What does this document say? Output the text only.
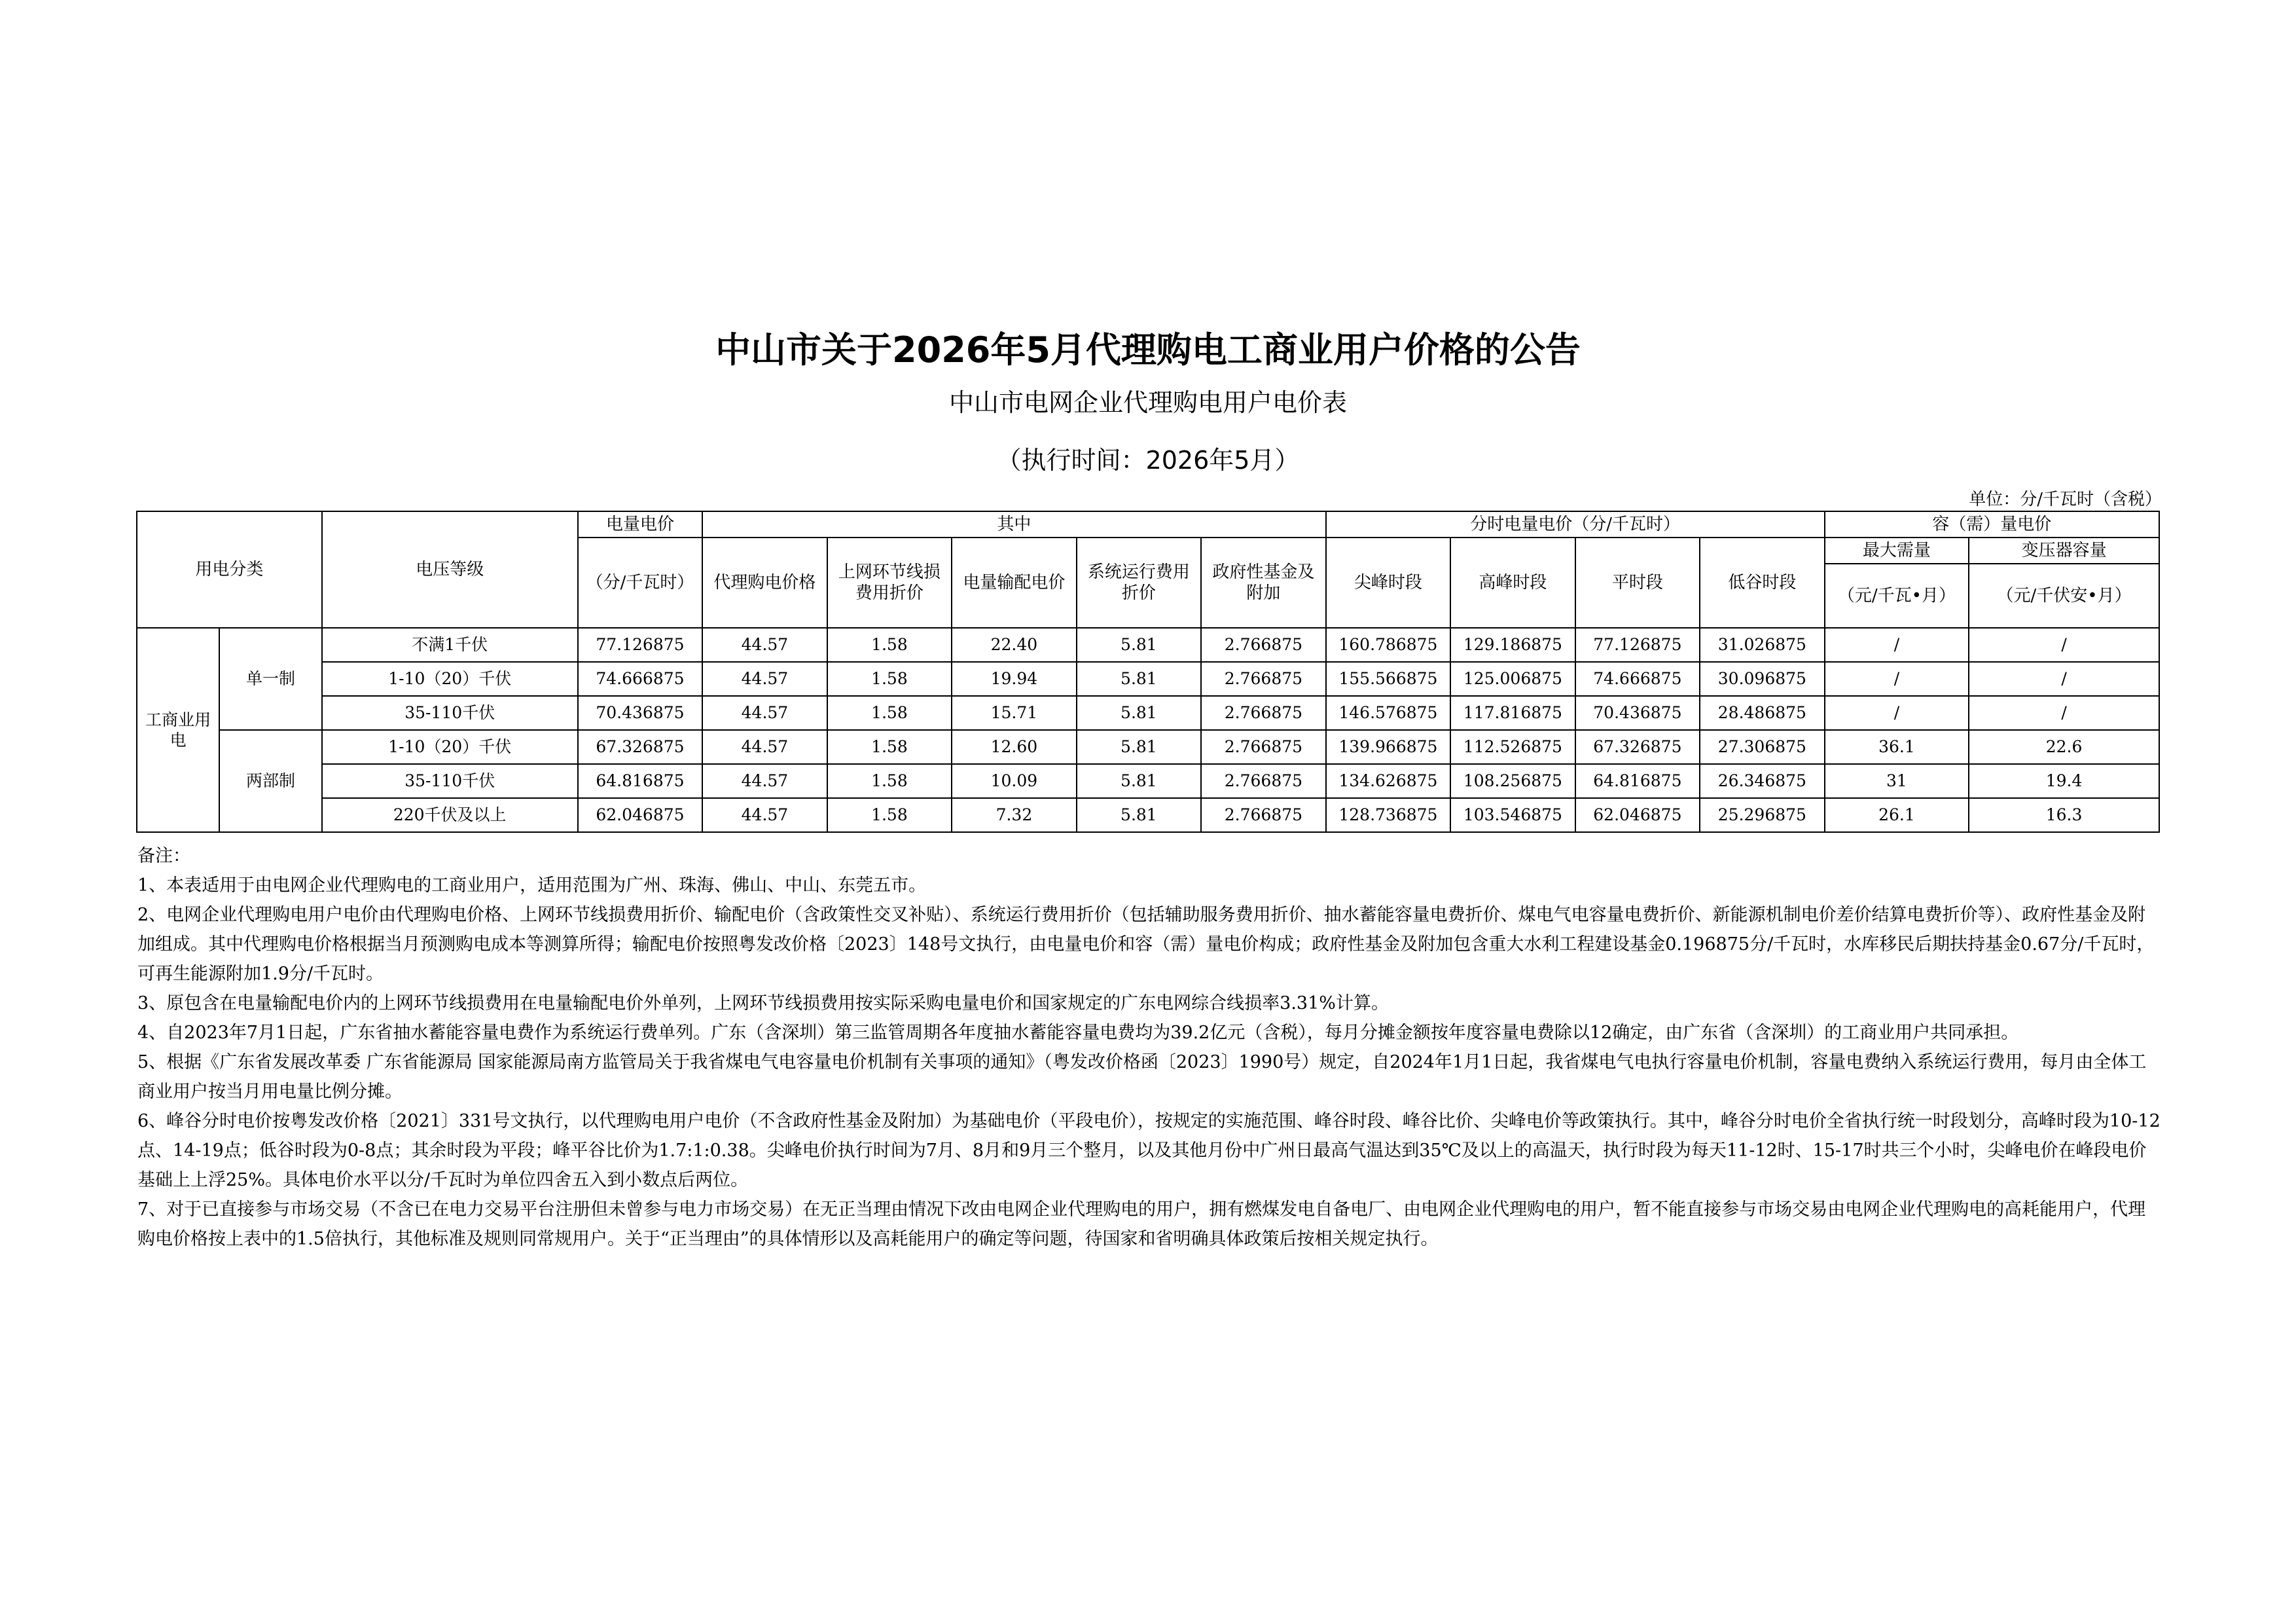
中山市关于2026年5月代理购电工商业用户价格的公告
中山市电网企业代理购电用户电价表
（执行时间：2026年5月）
单位：分/千瓦时（含税）
用电分类		电压等级	电量电价	其中					分时电量电价（分/千瓦时）				容（需）量电价	
			（分/千瓦时）	代理购电价格	上网环节线损费用折价	电量输配电价	系统运行费用折价	政府性基金及附加	尖峰时段	高峰时段	平时段	低谷时段	最大需量	变压器容量
													（元/千瓦•月）	（元/千伏安•月）
工商业用电	单一制	不满1千伏	77.126875	44.57	1.58	22.40	5.81	2.766875	160.786875	129.186875	77.126875	31.026875	/	/
		1-10（20）千伏	74.666875	44.57	1.58	19.94	5.81	2.766875	155.566875	125.006875	74.666875	30.096875	/	/
		35-110千伏	70.436875	44.57	1.58	15.71	5.81	2.766875	146.576875	117.816875	70.436875	28.486875	/	/
	两部制	1-10（20）千伏	67.326875	44.57	1.58	12.60	5.81	2.766875	139.966875	112.526875	67.326875	27.306875	36.1	22.6
		35-110千伏	64.816875	44.57	1.58	10.09	5.81	2.766875	134.626875	108.256875	64.816875	26.346875	31	19.4
		220千伏及以上	62.046875	44.57	1.58	7.32	5.81	2.766875	128.736875	103.546875	62.046875	25.296875	26.1	16.3

备注：

1、本表适用于由电网企业代理购电的工商业用户，适用范围为广州、珠海、佛山、中山、东莞五市。

2、电网企业代理购电用户电价由代理购电价格、上网环节线损费用折价、输配电价（含政策性交叉补贴）、系统运行费用折价（包括辅助服务费用折价、抽水蓄能容量电费折价、煤电气电容量电费折价、新能源机制电价差价结算电费折价等）、政府性基金及附加组成。其中代理购电价格根据当月预测购电成本等测算所得；输配电价按照粤发改价格〔2023〕148号文执行，由电量电价和容（需）量电价构成；政府性基金及附加包含重大水利工程建设基金0.196875分/千瓦时，水库移民后期扶持基金0.67分/千瓦时，可再生能源附加1.9分/千瓦时。

3、原包含在电量输配电价内的上网环节线损费用在电量输配电价外单列，上网环节线损费用按实际采购电量电价和国家规定的广东电网综合线损率3.31%计算。

4、自2023年7月1日起，广东省抽水蓄能容量电费作为系统运行费单列。广东（含深圳）第三监管周期各年度抽水蓄能容量电费均为39.2亿元（含税），每月分摊金额按年度容量电费除以12确定，由广东省（含深圳）的工商业用户共同承担。

5、根据《广东省发展改革委 广东省能源局 国家能源局南方监管局关于我省煤电气电容量电价机制有关事项的通知》（粤发改价格函〔2023〕1990号）规定，自2024年1月1日起，我省煤电气电执行容量电价机制，容量电费纳入系统运行费用，每月由全体工商业用户按当月用电量比例分摊。

6、峰谷分时电价按粤发改价格〔2021〕331号文执行，以代理购电用户电价（不含政府性基金及附加）为基础电价（平段电价），按规定的实施范围、峰谷时段、峰谷比价、尖峰电价等政策执行。其中，峰谷分时电价全省执行统一时段划分，高峰时段为10-12点、14-19点；低谷时段为0-8点；其余时段为平段；峰平谷比价为1.7:1:0.38。尖峰电价执行时间为7月、8月和9月三个整月，以及其他月份中广州日最高气温达到35℃及以上的高温天，执行时段为每天11-12时、15-17时共三个小时，尖峰电价在峰段电价基础上上浮25%。具体电价水平以分/千瓦时为单位四舍五入到小数点后两位。

7、对于已直接参与市场交易（不含已在电力交易平台注册但未曾参与电力市场交易）在无正当理由情况下改由电网企业代理购电的用户，拥有燃煤发电自备电厂、由电网企业代理购电的用户，暂不能直接参与市场交易由电网企业代理购电的高耗能用户，代理购电价格按上表中的1.5倍执行，其他标准及规则同常规用户。关于“正当理由”的具体情形以及高耗能用户的确定等问题，待国家和省明确具体政策后按相关规定执行。
